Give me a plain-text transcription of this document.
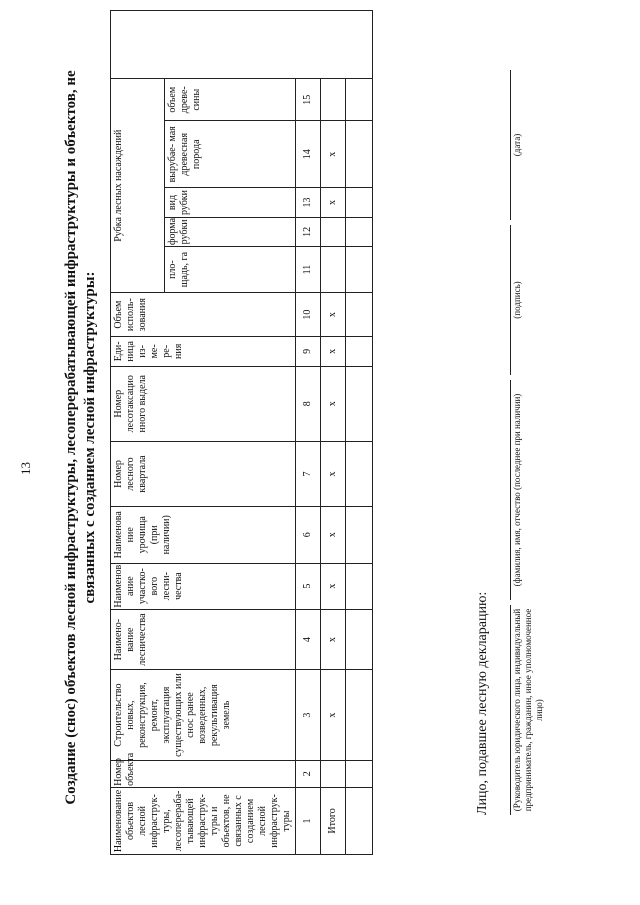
13 Создание (снос) объектов лесной инфраструктуры, лесоперерабатывающей инфраструктуры и объектов, не связанных с созданием лесной инфраструктуры:
Наименование объектов лесной инфраструк- туры, лесоперераба- тывающей инфраструк- туры и объектов, не связанных с созданием лесной инфраструк- туры	Номер объекта	Строительство новых, реконструкция, ремонт, эксплуатация существующих или снос ранее возведенных, рекультивация земель	Наимено- вание лесничества	Наименов ание участко- вого лесни- чества	Наименова ние урочища (при наличии)	Номер лесного квартала	Номер лесотаксацио нного выдела	Еди- ница из- ме- ре- ния	Объем исполь- зования	Рубка лесных насаждений					
										пло- щадь, га	форма рубки	вид рубки	вырубае- мая древесная порода	объем древе- сины	
1	2	3	4	5	6	7	8	9	10	11	12	13	14	15	
Итого		х	х	х	х	х	х	х	х			х	х		

Лицо, подавшее лесную декларацию: (Руководитель юридического лица, индивидуальный предприниматель, гражданин, иное уполномоченное лицо)
(фамилия, имя, отчество (последнее при наличии)
(подпись)
(дата)
